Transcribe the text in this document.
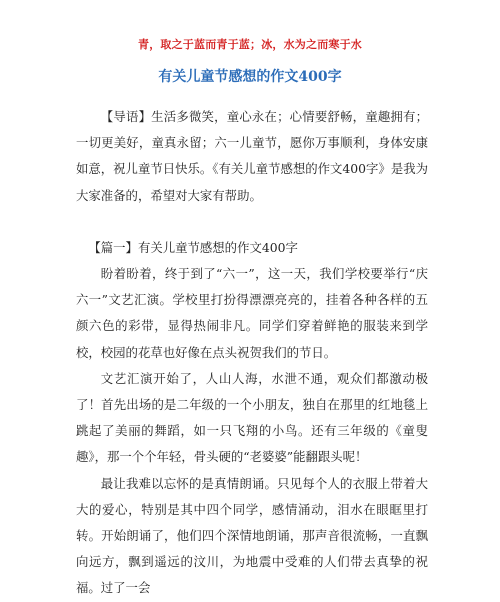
青，取之于蓝而青于蓝；冰，水为之而寒于水
有关儿童节感想的作文400字

【导语】生活多微笑，童心永在；心情要舒畅，童趣拥有；一切更美好，童真永留；六一儿童节，愿你万事顺利，身体安康如意，祝儿童节日快乐。《有关儿童节感想的作文400字》是我为大家准备的，希望对大家有帮助。

【篇一】有关儿童节感想的作文400字

盼着盼着，终于到了“六一”，这一天，我们学校要举行“庆六一”文艺汇演。学校里打扮得漂漂亮亮的，挂着各种各样的五颜六色的彩带，显得热闹非凡。同学们穿着鲜艳的服装来到学校，校园的花草也好像在点头祝贺我们的节日。

文艺汇演开始了，人山人海，水泄不通，观众们都激动极了！首先出场的是二年级的一个小朋友，独自在那里的红地毯上跳起了美丽的舞蹈，如一只飞翔的小鸟。还有三年级的《童叟趣》，那一个个年轻，骨头硬的“老婆婆”能翻跟头呢！

最让我难以忘怀的是真情朗诵。只见每个人的衣服上带着大大的爱心，特别是其中四个同学，感情涌动，泪水在眼眶里打转。开始朗诵了，他们四个深情地朗诵，那声音很流畅，一直飘向远方，飘到遥远的汶川，为地震中受难的人们带去真挚的祝福。过了一会
